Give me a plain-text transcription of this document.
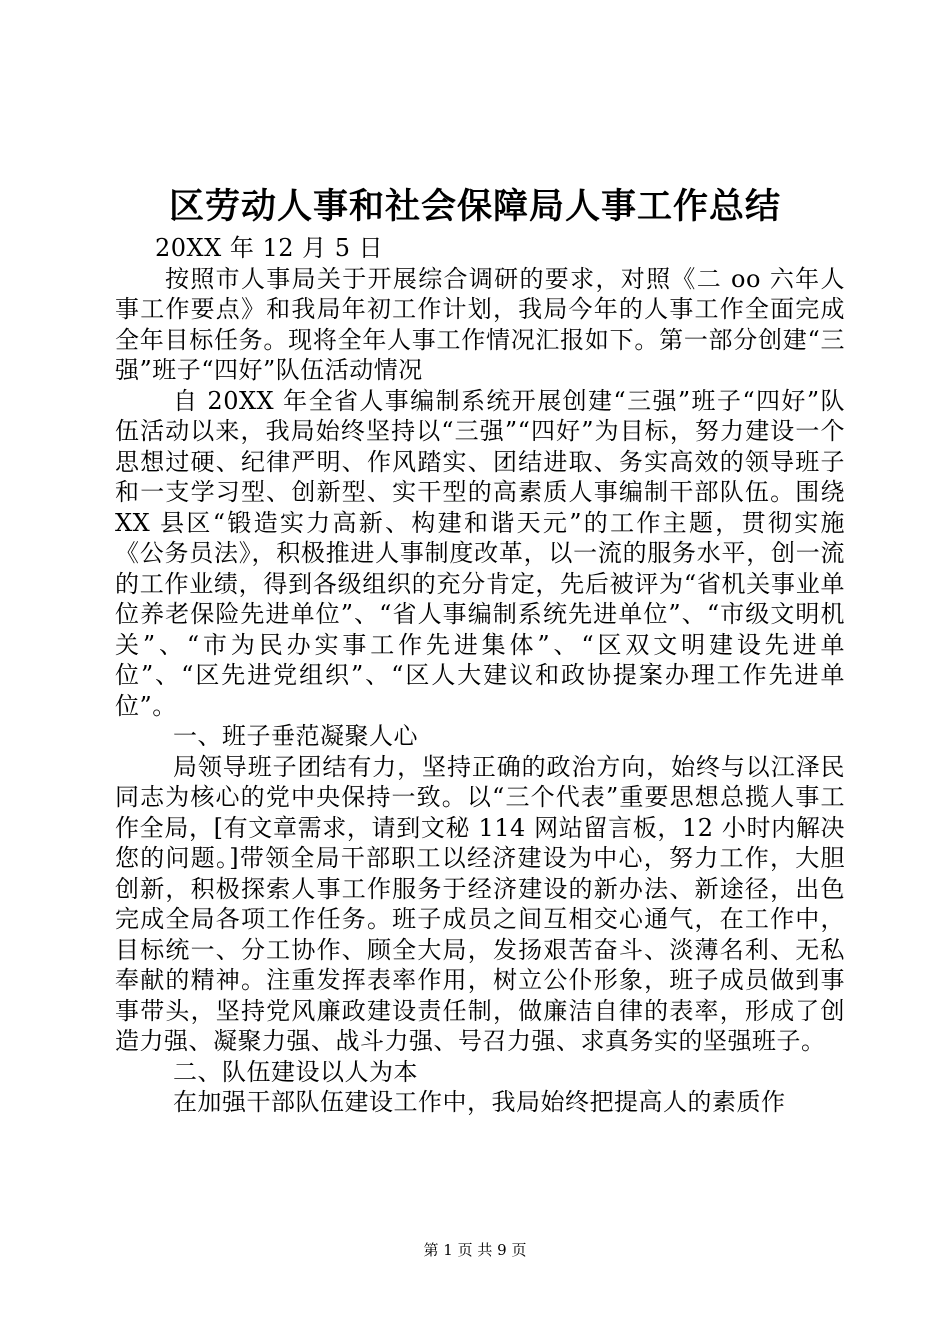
区劳动人事和社会保障局人事工作总结

20XX 年 12 月 5 日

按照市人事局关于开展综合调研的要求，对照《二 oo 六年人事工作要点》和我局年初工作计划，我局今年的人事工作全面完成全年目标任务。现将全年人事工作情况汇报如下。第一部分创建“三强”班子“四好”队伍活动情况

自 20XX 年全省人事编制系统开展创建“三强”班子“四好”队伍活动以来，我局始终坚持以“三强”“四好”为目标，努力建设一个思想过硬、纪律严明、作风踏实、团结进取、务实高效的领导班子和一支学习型、创新型、实干型的高素质人事编制干部队伍。围绕 XX 县区“锻造实力高新、构建和谐天元”的工作主题，贯彻实施《公务员法》，积极推进人事制度改革，以一流的服务水平，创一流的工作业绩，得到各级组织的充分肯定，先后被评为“省机关事业单位养老保险先进单位”、“省人事编制系统先进单位”、“市级文明机关”、“市为民办实事工作先进集体”、“区双文明建设先进单位”、“区先进党组织”、“区人大建议和政协提案办理工作先进单位”。

一、班子垂范凝聚人心

局领导班子团结有力，坚持正确的政治方向，始终与以江泽民同志为核心的党中央保持一致。以“三个代表”重要思想总揽人事工作全局，[有文章需求，请到文秘 114 网站留言板，12 小时内解决您的问题。]带领全局干部职工以经济建设为中心，努力工作，大胆创新，积极探索人事工作服务于经济建设的新办法、新途径，出色完成全局各项工作任务。班子成员之间互相交心通气，在工作中，目标统一、分工协作、顾全大局，发扬艰苦奋斗、淡薄名利、无私奉献的精神。注重发挥表率作用，树立公仆形象，班子成员做到事事带头，坚持党风廉政建设责任制，做廉洁自律的表率，形成了创造力强、凝聚力强、战斗力强、号召力强、求真务实的坚强班子。

二、队伍建设以人为本

在加强干部队伍建设工作中，我局始终把提高人的素质作

第 1 页 共 9 页
